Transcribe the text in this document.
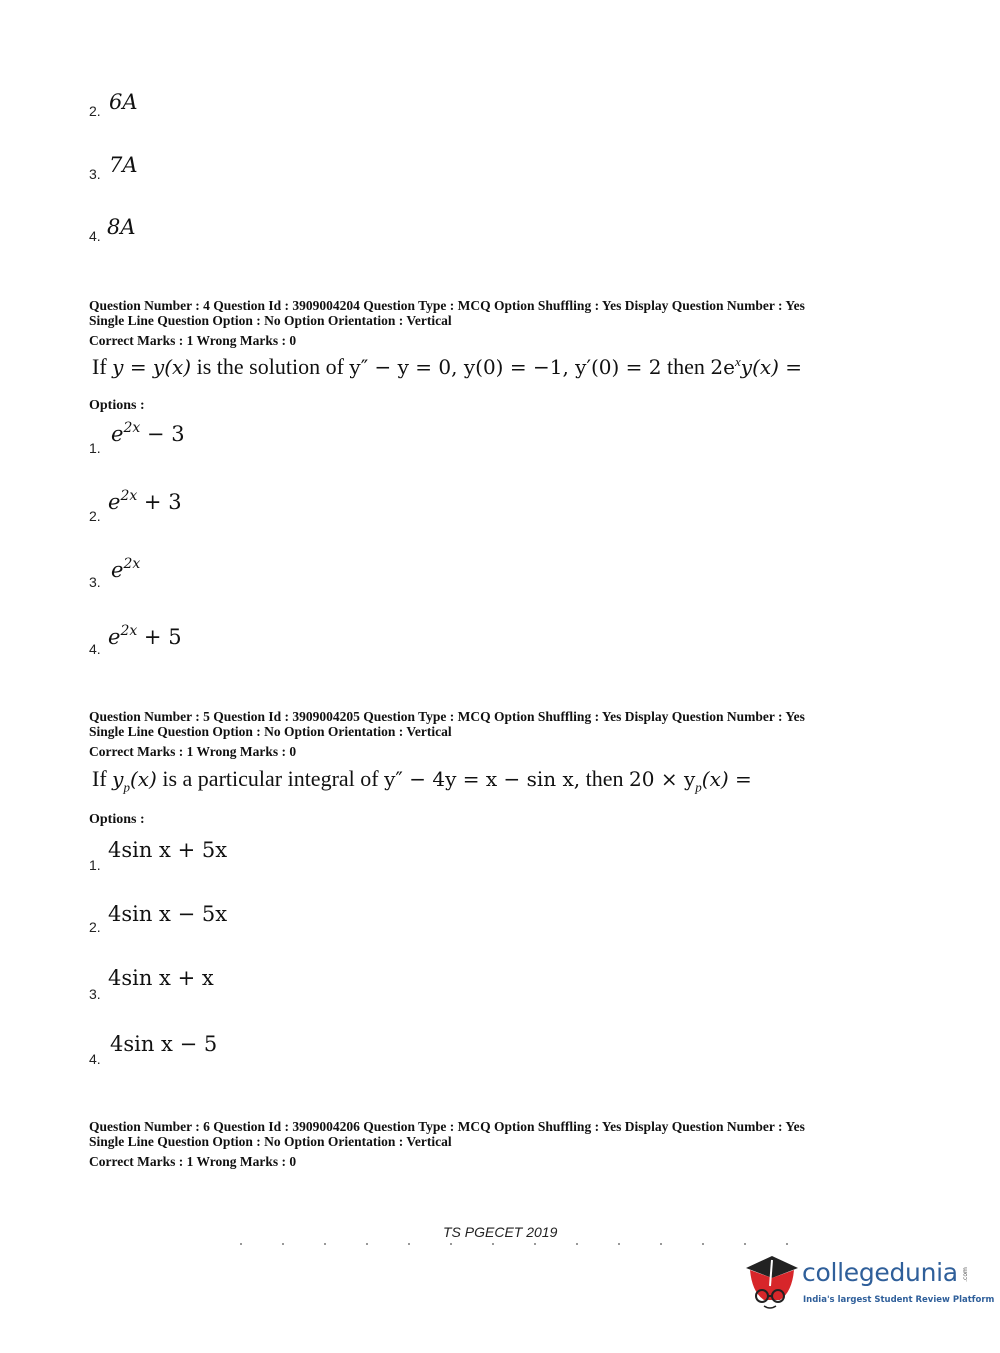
2. 6A
3. 7A
4. 8A
Question Number : 4 Question Id : 3909004204 Question Type : MCQ Option Shuffling : Yes Display Question Number : Yes
Single Line Question Option : No Option Orientation : Vertical
Correct Marks : 1 Wrong Marks : 0
If y = y(x) is the solution of y″ − y = 0, y(0) = −1, y′(0) = 2 then $2e^xy(x)$ =
Options :
1.
$e^{2x} - 3$
2.
$e^{2x} + 3$
3. $e^{2x}$
4. $e^{2x} + 5$
Question Number : 5 Question Id : 3909004205 Question Type : MCQ Option Shuffling : Yes Display Question Number : Yes
Single Line Question Option : No Option Orientation : Vertical
Correct Marks : 1 Wrong Marks : 0
If $y_p(x)$ is a particular integral of y″ − 4y = x − sin x, then $20 \times y_p(x)$ =
Options :
1.
4sin x + 5x
2.
4sin x − 5x
3.
4sin x + x
4.
4sin x − 5
Question Number : 6 Question Id : 3909004206 Question Type : MCQ Option Shuffling : Yes Display Question Number : Yes
Single Line Question Option : No Option Orientation : Vertical
Correct Marks : 1 Wrong Marks : 0
TS PGECET 2019
collegedunia .com
India's largest Student Review Platform
